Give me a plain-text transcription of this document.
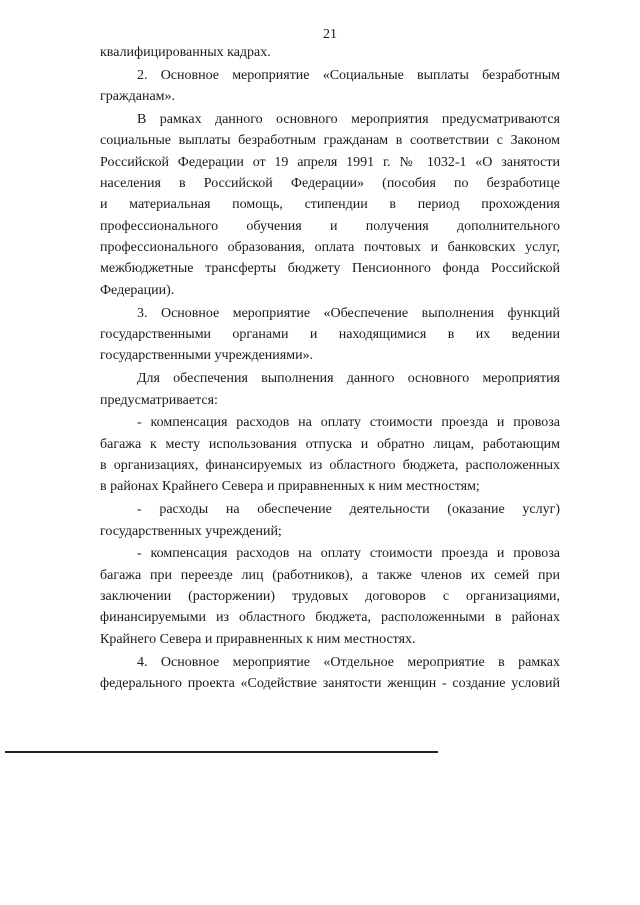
21
квалифицированных кадрах.
2. Основное мероприятие «Социальные выплаты безработным
гражданам».
В рамках данного основного мероприятия предусматриваются
социальные выплаты безработным гражданам в соответствии с Законом
Российской Федерации от 19 апреля 1991 г. № 1032-1 «О занятости
населения в Российской Федерации» (пособия по безработице
и материальная помощь, стипендии в период прохождения
профессионального обучения и получения дополнительного
профессионального образования, оплата почтовых и банковских услуг,
межбюджетные трансферты бюджету Пенсионного фонда Российской
Федерации).
3. Основное мероприятие «Обеспечение выполнения функций
государственными органами и находящимися в их ведении
государственными учреждениями».
Для обеспечения выполнения данного основного мероприятия
предусматривается:
- компенсация расходов на оплату стоимости проезда и провоза
багажа к месту использования отпуска и обратно лицам, работающим
в организациях, финансируемых из областного бюджета, расположенных
в районах Крайнего Севера и приравненных к ним местностям;
- расходы на обеспечение деятельности (оказание услуг)
государственных учреждений;
- компенсация расходов на оплату стоимости проезда и провоза
багажа при переезде лиц (работников), а также членов их семей при
заключении (расторжении) трудовых договоров с организациями,
финансируемыми из областного бюджета, расположенными в районах
Крайнего Севера и приравненных к ним местностях.
4. Основное мероприятие «Отдельное мероприятие в рамках
федерального проекта «Содействие занятости женщин - создание условий
